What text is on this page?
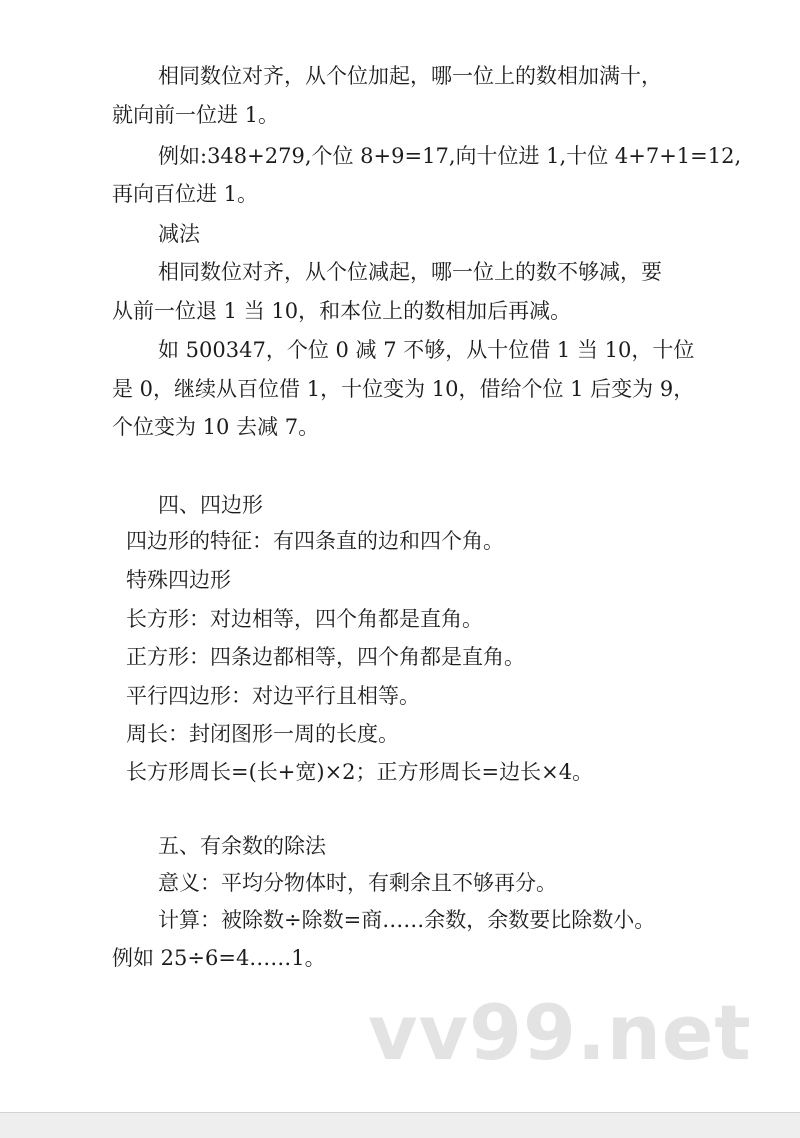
相同数位对齐，从个位加起，哪一位上的数相加满十，
就向前一位进 1。
例如:348+279,个位 8+9=17,向十位进 1,十位 4+7+1=12,
再向百位进 1。
减法
相同数位对齐，从个位减起，哪一位上的数不够减，要
从前一位退 1 当 10，和本位上的数相加后再减。
如 500347，个位 0 减 7 不够，从十位借 1 当 10，十位
是 0，继续从百位借 1，十位变为 10，借给个位 1 后变为 9，
个位变为 10 去减 7。
四、四边形
四边形的特征：有四条直的边和四个角。
特殊四边形
长方形：对边相等，四个角都是直角。
正方形：四条边都相等，四个角都是直角。
平行四边形：对边平行且相等。
周长：封闭图形一周的长度。
长方形周长=(长+宽)×2；正方形周长=边长×4。
五、有余数的除法
意义：平均分物体时，有剩余且不够再分。
计算：被除数÷除数=商……余数，余数要比除数小。
例如 25÷6=4……1。
vv99.net
